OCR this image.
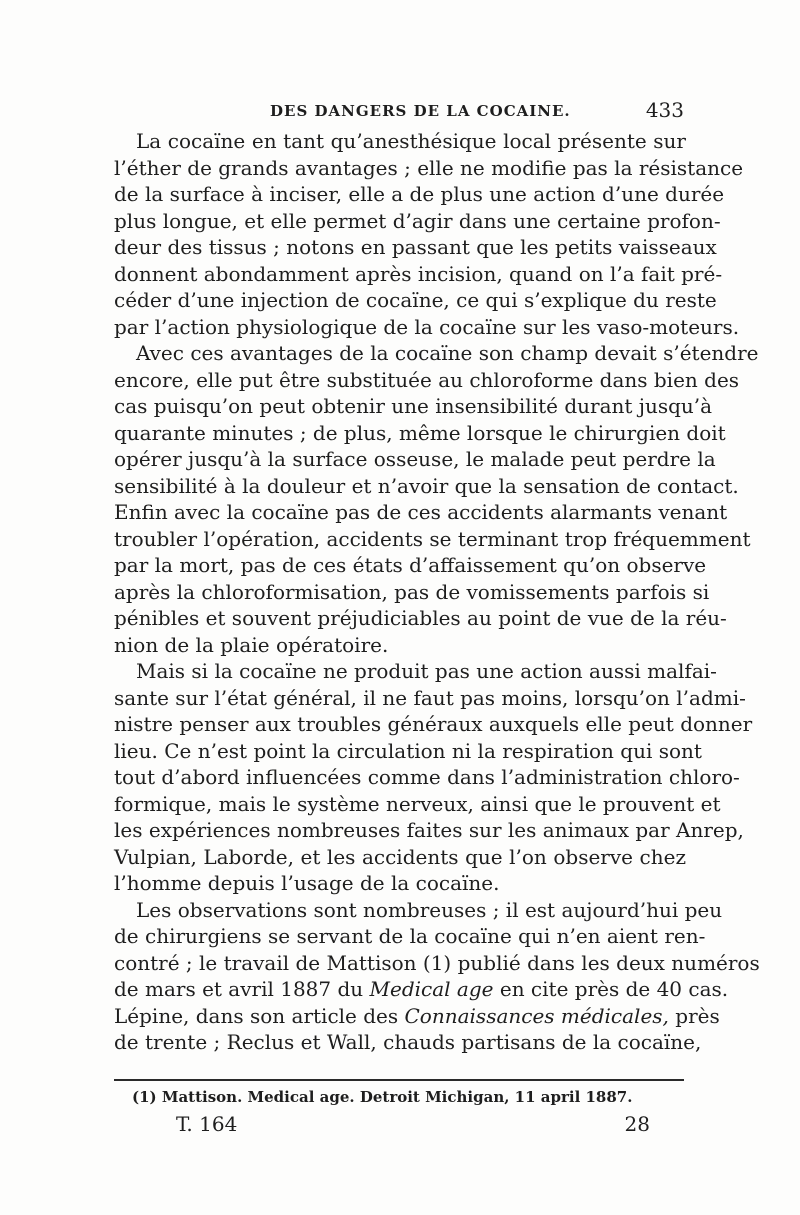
DES DANGERS DE LA COCAINE.	433
La cocaïne en tant qu’anesthésique local présente sur
l’éther de grands avantages ; elle ne modifie pas la résistance
de la surface à inciser, elle a de plus une action d’une durée
plus longue, et elle permet d’agir dans une certaine profon-
deur des tissus ; notons en passant que les petits vaisseaux
donnent abondamment après incision, quand on l’a fait pré-
céder d’une injection de cocaïne, ce qui s’explique du reste
par l’action physiologique de la cocaïne sur les vaso-moteurs.
Avec ces avantages de la cocaïne son champ devait s’étendre
encore, elle put être substituée au chloroforme dans bien des
cas puisqu’on peut obtenir une insensibilité durant jusqu’à
quarante minutes ; de plus, même lorsque le chirurgien doit
opérer jusqu’à la surface osseuse, le malade peut perdre la
sensibilité à la douleur et n’avoir que la sensation de contact.
Enfin avec la cocaïne pas de ces accidents alarmants venant
troubler l’opération, accidents se terminant trop fréquemment
par la mort, pas de ces états d’affaissement qu’on observe
après la chloroformisation, pas de vomissements parfois si
pénibles et souvent préjudiciables au point de vue de la réu-
nion de la plaie opératoire.
Mais si la cocaïne ne produit pas une action aussi malfai-
sante sur l’état général, il ne faut pas moins, lorsqu’on l’admi-
nistre penser aux troubles généraux auxquels elle peut donner
lieu. Ce n’est point la circulation ni la respiration qui sont
tout d’abord influencées comme dans l’administration chloro-
formique, mais le système nerveux, ainsi que le prouvent et
les expériences nombreuses faites sur les animaux par Anrep,
Vulpian, Laborde, et les accidents que l’on observe chez
l’homme depuis l’usage de la cocaïne.
Les observations sont nombreuses ; il est aujourd’hui peu
de chirurgiens se servant de la cocaïne qui n’en aient ren-
contré ; le travail de Mattison (1) publié dans les deux numéros
de mars et avril 1887 du Medical age en cite près de 40 cas.
Lépine, dans son article des Connaissances médicales, près
de trente ; Reclus et Wall, chauds partisans de la cocaïne,
(1) Mattison. Medical age. Detroit Michigan, 11 april 1887.
T. 164	28
